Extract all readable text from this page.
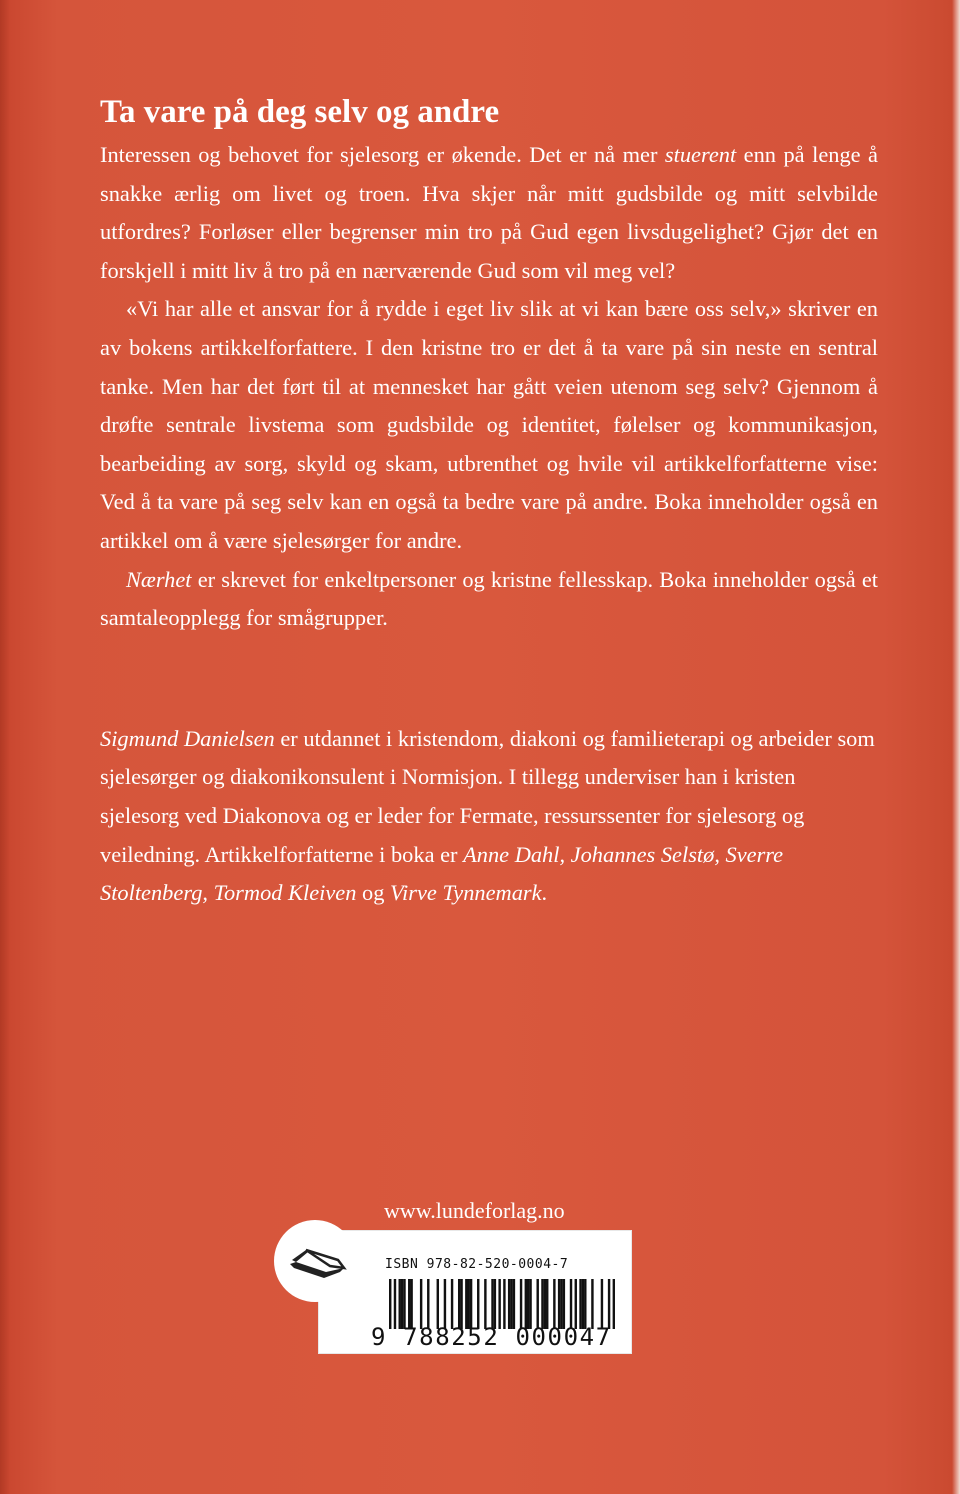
Ta vare på deg selv og andre

Interessen og behovet for sjelesorg er økende. Det er nå mer stuerent enn på lenge å snakke ærlig om livet og troen. Hva skjer når mitt gudsbilde og mitt selvbilde utfordres? Forløser eller begrenser min tro på Gud egen livsdugelighet? Gjør det en forskjell i mitt liv å tro på en nærværende Gud som vil meg vel?

«Vi har alle et ansvar for å rydde i eget liv slik at vi kan bære oss selv,» skriver en av bokens artikkelforfattere. I den kristne tro er det å ta vare på sin neste en sentral tanke. Men har det ført til at mennesket har gått veien utenom seg selv? Gjennom å drøfte sentrale livstema som gudsbilde og identitet, følelser og kommunikasjon, bearbeiding av sorg, skyld og skam, utbrenthet og hvile vil artikkelforfatterne vise: Ved å ta vare på seg selv kan en også ta bedre vare på andre. Boka inneholder også en artikkel om å være sjelesørger for andre.

Nærhet er skrevet for enkeltpersoner og kristne fellesskap. Boka inneholder også et samtaleopplegg for smågrupper.

Sigmund Danielsen er utdannet i kristendom, diakoni og familieterapi og arbeider som sjelesørger og diakonikonsulent i Normisjon. I tillegg underviser han i kristen sjelesorg ved Diakonova og er leder for Fermate, ressurssenter for sjelesorg og veiledning. Artikkelforfatterne i boka er Anne Dahl, Johannes Selstø, Sverre Stoltenberg, Tormod Kleiven og Virve Tynnemark.

www.lundeforlag.no
ISBN 978-82-520-0004-7
9 788252 000047
